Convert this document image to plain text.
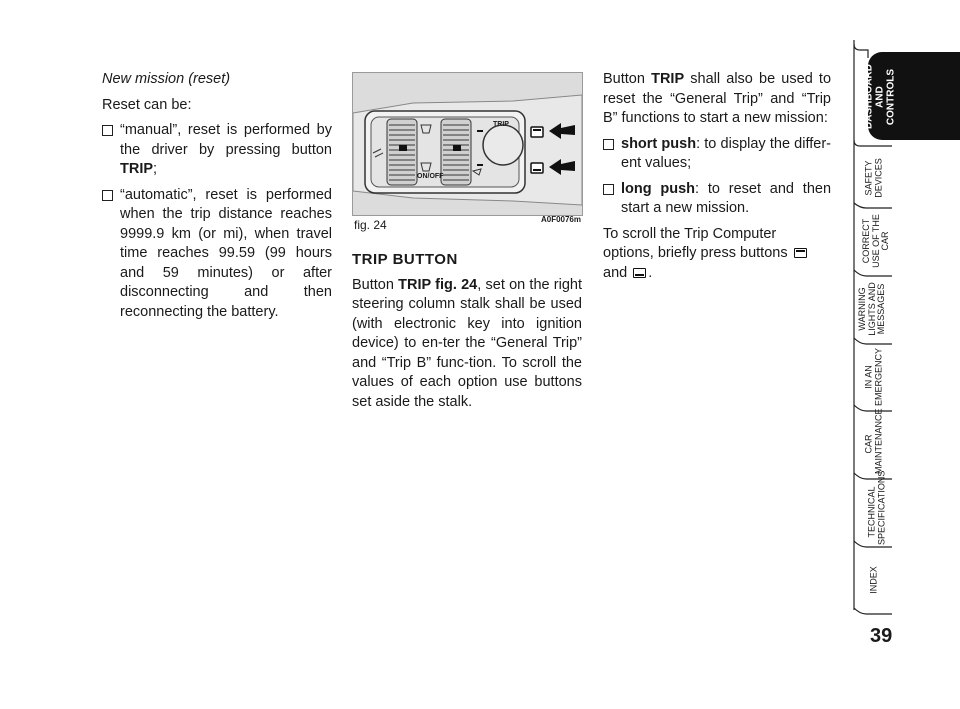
New mission (reset)

Reset can be:

“manual”, reset is performed by the driver by pressing button TRIP;
“automatic”, reset is performed when the trip distance reaches 9999.9 km (or mi), when travel time reaches 99.59 (99 hours and 59 minutes) or after disconnecting and then reconnecting the battery.
TRIP
ON/OFF
fig. 24	A0F0076m
TRIP BUTTON

Button TRIP fig. 24, set on the right steering column stalk shall be used (with electronic key into ignition device) to en-ter the “General Trip” and “Trip B” func-tion. To scroll the values of each option use buttons set aside the stalk.

Button TRIP shall also be used to reset the “General Trip” and “Trip B” functions to start a new mission:

short push: to display the differ-ent values;
long push: to reset and then start a new mission.

To scroll the Trip Computer options, briefly press buttons  and .

DASHBOARD AND CONTROLS
SAFETY DEVICES
CORRECT USE OF THE CAR
WARNING LIGHTS AND MESSAGES
IN AN EMERGENCY
CAR MAINTENANCE
TECHNICAL SPECIFICATIONS
INDEX
39
